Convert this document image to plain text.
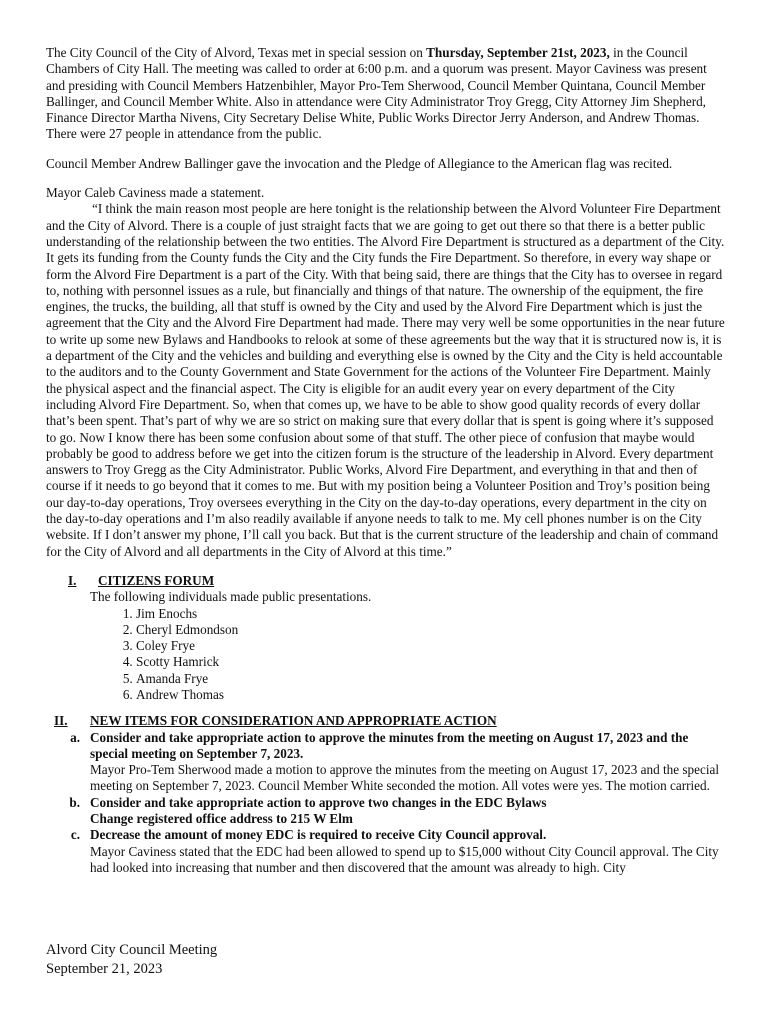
The City Council of the City of Alvord, Texas met in special session on Thursday, September 21st, 2023, in the Council Chambers of City Hall. The meeting was called to order at 6:00 p.m. and a quorum was present. Mayor Caviness was present and presiding with Council Members Hatzenbihler, Mayor Pro-Tem Sherwood, Council Member Quintana, Council Member Ballinger, and Council Member White. Also in attendance were City Administrator Troy Gregg, City Attorney Jim Shepherd, Finance Director Martha Nivens, City Secretary Delise White, Public Works Director Jerry Anderson, and Andrew Thomas. There were 27 people in attendance from the public.

Council Member Andrew Ballinger gave the invocation and the Pledge of Allegiance to the American flag was recited.

Mayor Caleb Caviness made a statement.

“I think the main reason most people are here tonight is the relationship between the Alvord Volunteer Fire Department and the City of Alvord. There is a couple of just straight facts that we are going to get out there so that there is a better public understanding of the relationship between the two entities. The Alvord Fire Department is structured as a department of the City. It gets its funding from the County funds the City and the City funds the Fire Department. So therefore, in every way shape or form the Alvord Fire Department is a part of the City. With that being said, there are things that the City has to oversee in regard to, nothing with personnel issues as a rule, but financially and things of that nature. The ownership of the equipment, the fire engines, the trucks, the building, all that stuff is owned by the City and used by the Alvord Fire Department which is just the agreement that the City and the Alvord Fire Department had made. There may very well be some opportunities in the near future to write up some new Bylaws and Handbooks to relook at some of these agreements but the way that it is structured now is, it is a department of the City and the vehicles and building and everything else is owned by the City and the City is held accountable to the auditors and to the County Government and State Government for the actions of the Volunteer Fire Department. Mainly the physical aspect and the financial aspect. The City is eligible for an audit every year on every department of the City including Alvord Fire Department. So, when that comes up, we have to be able to show good quality records of every dollar that’s been spent. That’s part of why we are so strict on making sure that every dollar that is spent is going where it’s supposed to go. Now I know there has been some confusion about some of that stuff. The other piece of confusion that maybe would probably be good to address before we get into the citizen forum is the structure of the leadership in Alvord. Every department answers to Troy Gregg as the City Administrator. Public Works, Alvord Fire Department, and everything in that and then of course if it needs to go beyond that it comes to me. But with my position being a Volunteer Position and Troy’s position being our day-to-day operations, Troy oversees everything in the City on the day-to-day operations, every department in the city on the day-to-day operations and I’m also readily available if anyone needs to talk to me. My cell phones number is on the City website. If I don’t answer my phone, I’ll call you back. But that is the current structure of the leadership and chain of command for the City of Alvord and all departments in the City of Alvord at this time.”

I. CITIZENS FORUM

The following individuals made public presentations.

1. Jim Enochs
2. Cheryl Edmondson
3. Coley Frye
4. Scotty Hamrick
5. Amanda Frye
6. Andrew Thomas
II. NEW ITEMS FOR CONSIDERATION AND APPROPRIATE ACTION
a. Consider and take appropriate action to approve the minutes from the meeting on August 17, 2023 and the special meeting on September 7, 2023.

Mayor Pro-Tem Sherwood made a motion to approve the minutes from the meeting on August 17, 2023 and the special meeting on September 7, 2023. Council Member White seconded the motion. All votes were yes. The motion carried.

b. Consider and take appropriate action to approve two changes in the EDC Bylaws

Change registered office address to 215 W Elm

c. Decrease the amount of money EDC is required to receive City Council approval.

Mayor Caviness stated that the EDC had been allowed to spend up to $15,000 without City Council approval. The City had looked into increasing that number and then discovered that the amount was already to high. City

Alvord City Council Meeting
September 21, 2023
